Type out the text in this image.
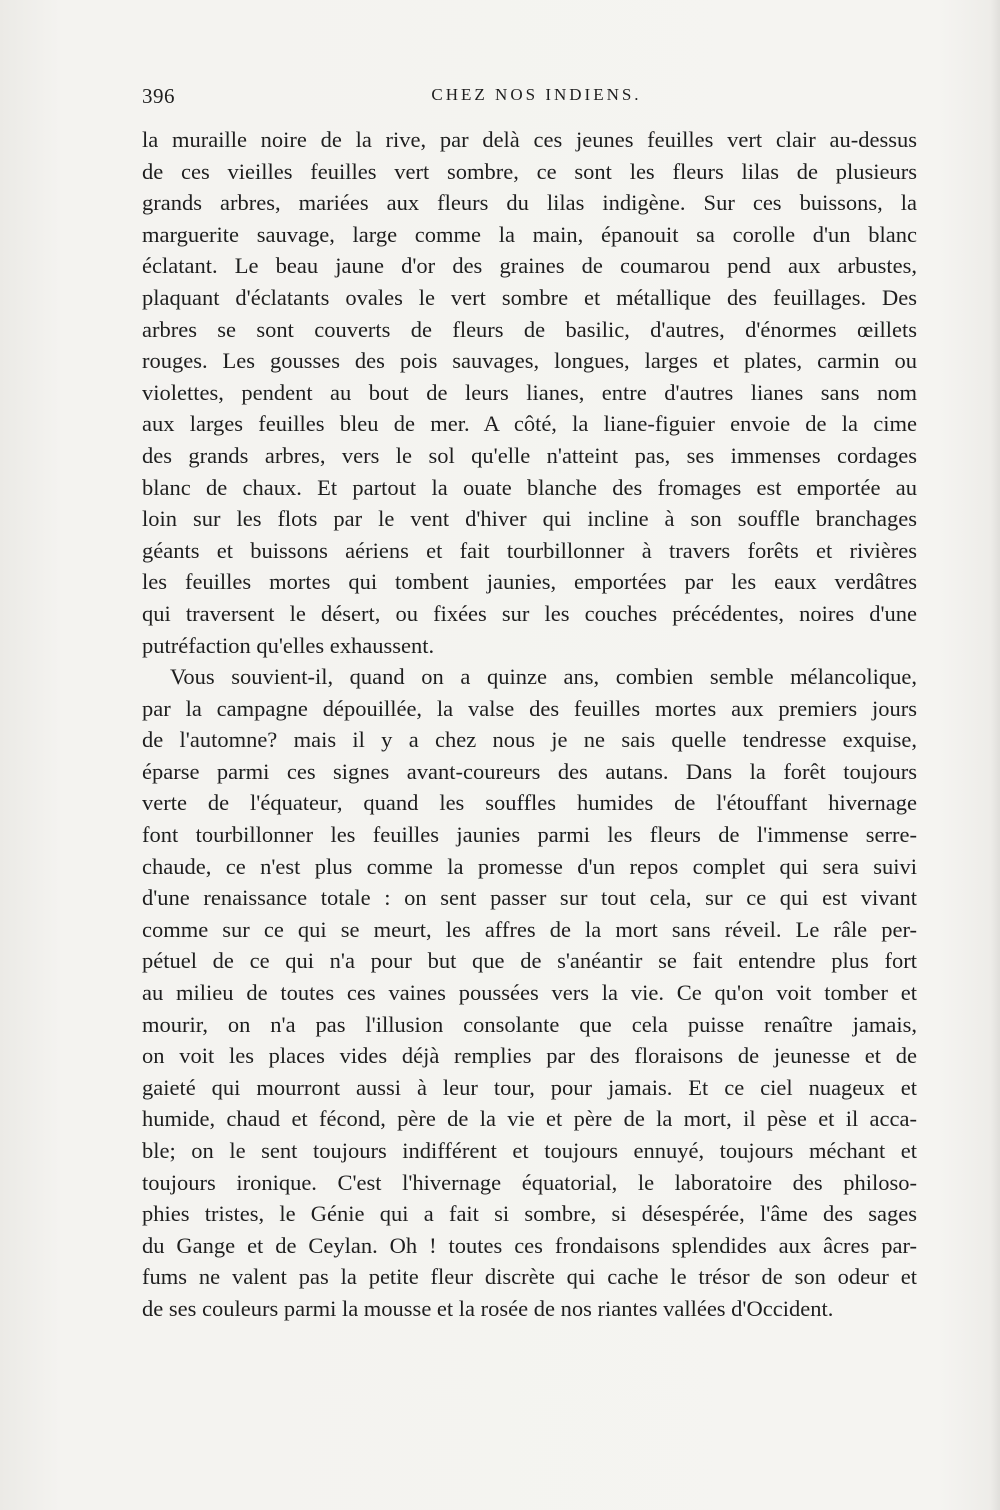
396	CHEZ NOS INDIENS.

la muraille noire de la rive, par delà ces jeunes feuilles vert clair au-dessus
de ces vieilles feuilles vert sombre, ce sont les fleurs lilas de plusieurs
grands arbres, mariées aux fleurs du lilas indigène. Sur ces buissons, la
marguerite sauvage, large comme la main, épanouit sa corolle d'un blanc
éclatant. Le beau jaune d'or des graines de coumarou pend aux arbustes,
plaquant d'éclatants ovales le vert sombre et métallique des feuillages. Des
arbres se sont couverts de fleurs de basilic, d'autres, d'énormes œillets
rouges. Les gousses des pois sauvages, longues, larges et plates, carmin ou
violettes, pendent au bout de leurs lianes, entre d'autres lianes sans nom
aux larges feuilles bleu de mer. A côté, la liane-figuier envoie de la cime
des grands arbres, vers le sol qu'elle n'atteint pas, ses immenses cordages
blanc de chaux. Et partout la ouate blanche des fromages est emportée au
loin sur les flots par le vent d'hiver qui incline à son souffle branchages
géants et buissons aériens et fait tourbillonner à travers forêts et rivières
les feuilles mortes qui tombent jaunies, emportées par les eaux verdâtres
qui traversent le désert, ou fixées sur les couches précédentes, noires d'une
putréfaction qu'elles exhaussent.

Vous souvient-il, quand on a quinze ans, combien semble mélancolique,
par la campagne dépouillée, la valse des feuilles mortes aux premiers jours
de l'automne? mais il y a chez nous je ne sais quelle tendresse exquise,
éparse parmi ces signes avant-coureurs des autans. Dans la forêt toujours
verte de l'équateur, quand les souffles humides de l'étouffant hivernage
font tourbillonner les feuilles jaunies parmi les fleurs de l'immense serre-
chaude, ce n'est plus comme la promesse d'un repos complet qui sera suivi
d'une renaissance totale : on sent passer sur tout cela, sur ce qui est vivant
comme sur ce qui se meurt, les affres de la mort sans réveil. Le râle per-
pétuel de ce qui n'a pour but que de s'anéantir se fait entendre plus fort
au milieu de toutes ces vaines poussées vers la vie. Ce qu'on voit tomber et
mourir, on n'a pas l'illusion consolante que cela puisse renaître jamais,
on voit les places vides déjà remplies par des floraisons de jeunesse et de
gaieté qui mourront aussi à leur tour, pour jamais. Et ce ciel nuageux et
humide, chaud et fécond, père de la vie et père de la mort, il pèse et il acca-
ble; on le sent toujours indifférent et toujours ennuyé, toujours méchant et
toujours ironique. C'est l'hivernage équatorial, le laboratoire des philoso-
phies tristes, le Génie qui a fait si sombre, si désespérée, l'âme des sages
du Gange et de Ceylan. Oh ! toutes ces frondaisons splendides aux âcres par-
fums ne valent pas la petite fleur discrète qui cache le trésor de son odeur et
de ses couleurs parmi la mousse et la rosée de nos riantes vallées d'Occident.
